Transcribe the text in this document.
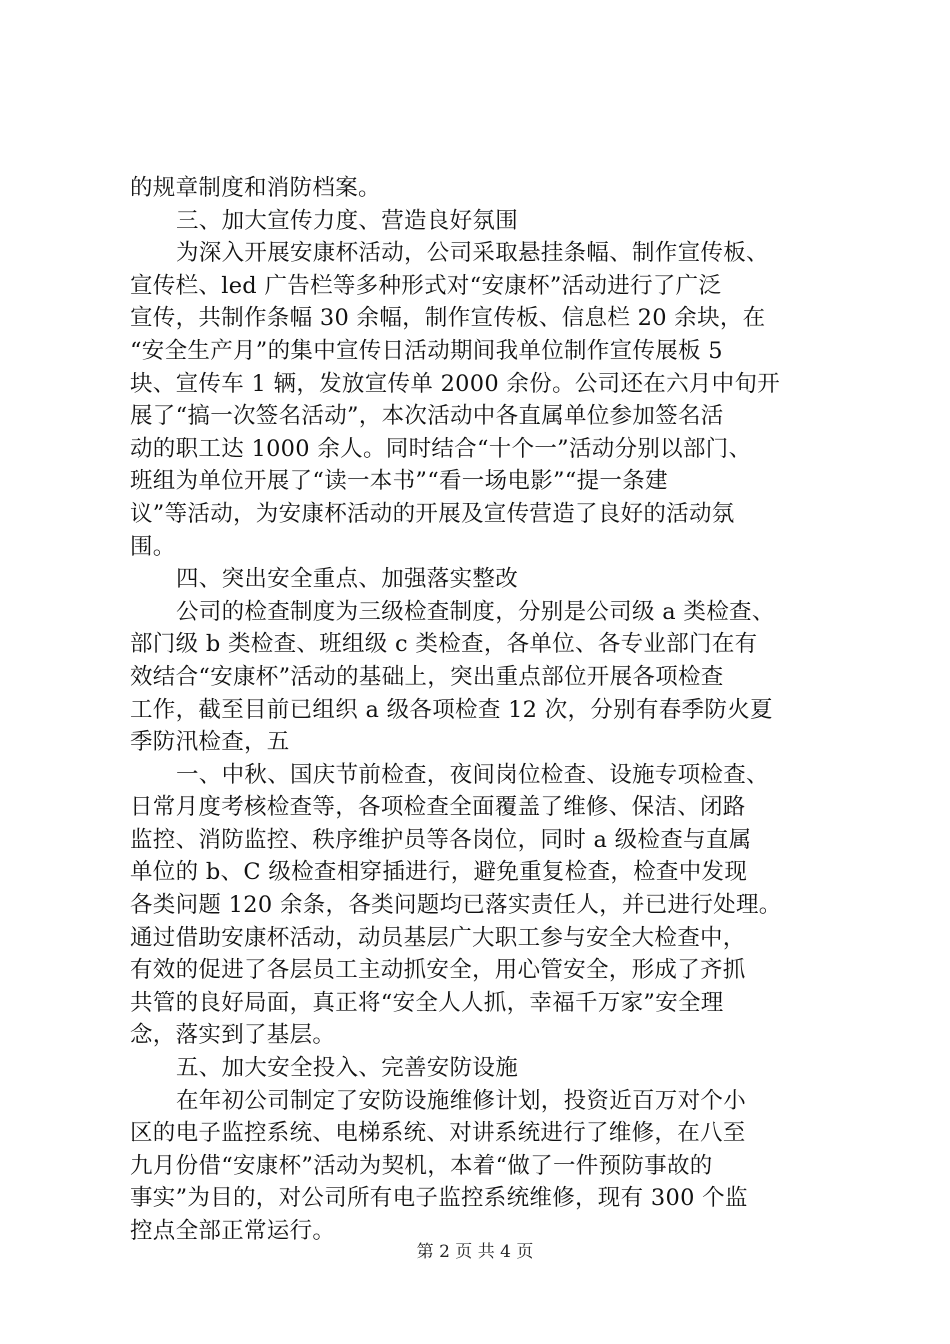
的规章制度和消防档案。
三、加大宣传力度、营造良好氛围
为深入开展安康杯活动，公司采取悬挂条幅、制作宣传板、
宣传栏、led 广告栏等多种形式对“安康杯”活动进行了广泛
宣传，共制作条幅 30 余幅，制作宣传板、信息栏 20 余块，在
“安全生产月”的集中宣传日活动期间我单位制作宣传展板 5
块、宣传车 1 辆，发放宣传单 2000 余份。公司还在六月中旬开
展了“搞一次签名活动”，本次活动中各直属单位参加签名活
动的职工达 1000 余人。同时结合“十个一”活动分别以部门、
班组为单位开展了“读一本书”“看一场电影”“提一条建
议”等活动，为安康杯活动的开展及宣传营造了良好的活动氛
围。
四、突出安全重点、加强落实整改
公司的检查制度为三级检查制度，分别是公司级 a 类检查、
部门级 b 类检查、班组级 c 类检查，各单位、各专业部门在有
效结合“安康杯”活动的基础上，突出重点部位开展各项检查
工作，截至目前已组织 a 级各项检查 12 次，分别有春季防火夏
季防汛检查，五
一、中秋、国庆节前检查，夜间岗位检查、设施专项检查、
日常月度考核检查等，各项检查全面覆盖了维修、保洁、闭路
监控、消防监控、秩序维护员等各岗位，同时 a 级检查与直属
单位的 b、C 级检查相穿插进行，避免重复检查，检查中发现
各类问题 120 余条，各类问题均已落实责任人，并已进行处理。
通过借助安康杯活动，动员基层广大职工参与安全大检查中，
有效的促进了各层员工主动抓安全，用心管安全，形成了齐抓
共管的良好局面，真正将“安全人人抓，幸福千万家”安全理
念，落实到了基层。
五、加大安全投入、完善安防设施
在年初公司制定了安防设施维修计划，投资近百万对个小
区的电子监控系统、电梯系统、对讲系统进行了维修，在八至
九月份借“安康杯”活动为契机，本着“做了一件预防事故的
事实”为目的，对公司所有电子监控系统维修，现有 300 个监
控点全部正常运行。
第 2 页 共 4 页
